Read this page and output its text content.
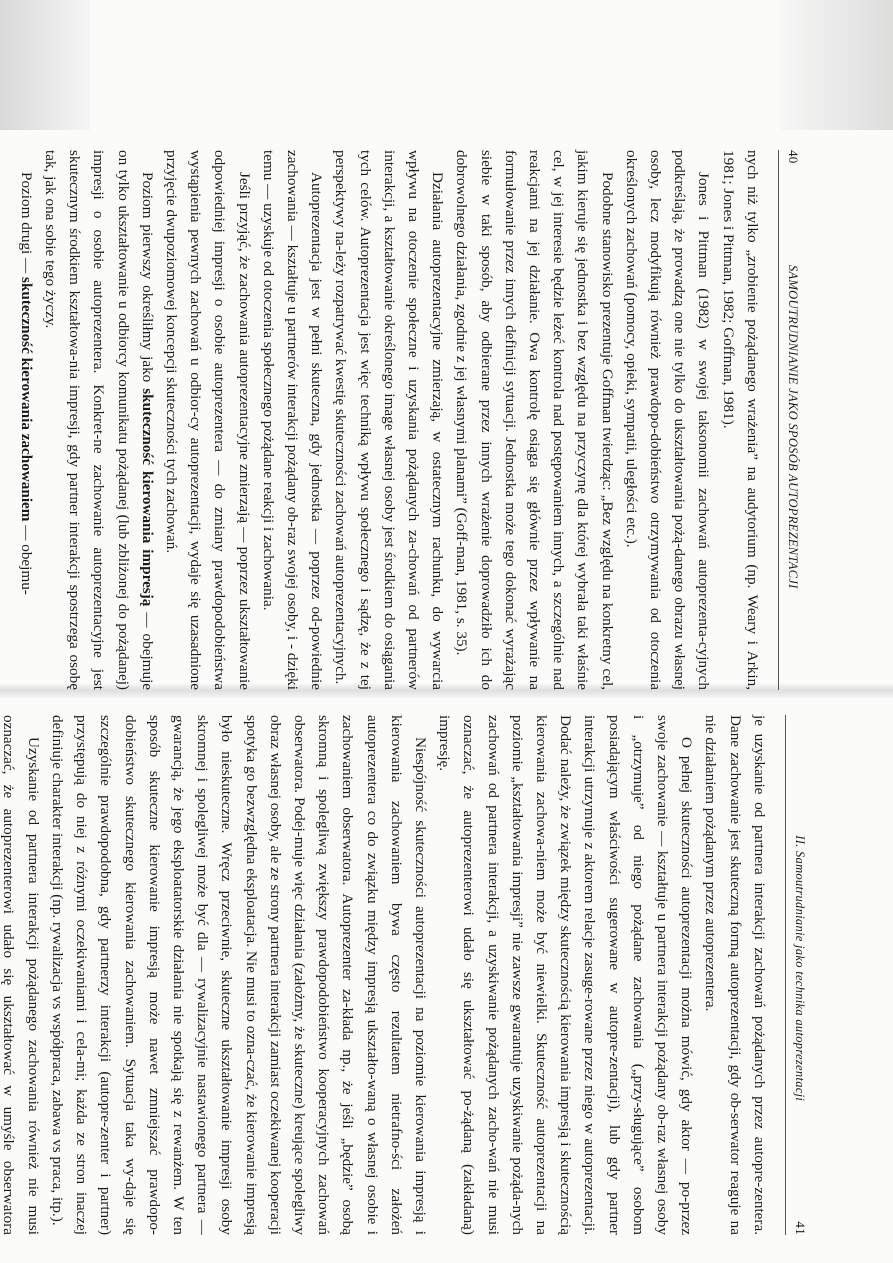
40
SAMOUTRUDNIANIE JAKO SPOSÓB AUTOPREZENTACJI

nych niż tylko „zrobienie pożądanego wrażenia” na audytorium (np. Weary i Arkin, 1981; Jones i Pittman, 1982; Goffman, 1981).

Jones i Pittman (1982) w swojej taksonomii zachowań autoprezenta-cyjnych podkreślają, że prowadzą one nie tylko do ukształtowania pożą-danego obrazu własnej osoby, lecz modyfikują również prawdopo-dobieństwo otrzymywania od otoczenia określonych zachowań (pomocy, opieki, sympatii, uległości etc.).

Podobne stanowisko prezentuje Goffman twierdząc: „Bez względu na konkretny cel, jakim kieruje się jednostka i bez względu na przyczynę dla której wybrała taki właśnie cel, w jej interesie będzie leżeć kontrola nad postępowaniem innych, a szczególnie nad reakcjami na jej działanie. Owa kontrolę osiąga się głównie przez wpływanie na formułowanie przez innych definicji sytuacji. Jednostka może tego dokonać wyrażając siebie w taki sposób, aby odbierane przez innych wrażenie doprowadziło ich do dobrowolnego działania, zgodnie z jej własnymi planami” (Goff-man, 1981, s. 35).

Działania autoprezentacyjne zmierzają, w ostatecznym rachunku, do wywarcia wpływu na otoczenie społeczne i uzyskania pożądanych za-chowań od partnerów interakcji, a kształtowanie określonego image własnej osoby jest środkiem do osiągania tych celów. Autoprezentacja jest więc techniką wpływu społecznego i sądzę, że z tej perspektywy na-leży rozpatrywać kwestię skuteczności zachowań autoprezentacyjnych.

Autoprezentacja jest w pełni skuteczna, gdy jednostka — poprzez od-powiednie zachowania — kształtuje u partnerów interakcji pożądany ob-raz swojej osoby, i - dzięki temu — uzyskuje od otoczenia społecznego pożądane reakcji i zachowania.

Jeśli przyjąć, że zachowania autoprezentacyjne zmierzają — poprzez ukształtowanie odpowiedniej impresji o osobie autoprezentera — do zmiany prawdopodobieństwa wystąpienia pewnych zachowań u odbior-cy autoprezentacji, wydaje się uzasadnione przyjęcie dwupoziomowej koncepcji skuteczności tych zachowań.

Poziom pierwszy określiłmy jako skuteczność kierowania impresją — obejmuje on tylko ukształtowanie u odbiorcy komunikatu pożądanej (lub zbliżonej do pożądanej) impresji o osobie autoprezentera. Konkret-ne zachowanie autoprezentacyjne jest skutecznym środkiem kształtowa-nia impresji, gdy partner interakcji spostrzega osobę tak, jak ona sobie tego życzy.

Poziom drugi — skuteczność kierowania zachowaniem — obejmu-

II. Samoutrudnianie jako technika autoprezentacji
41

je uzyskanie od partnera interakcji zachowań pożądanych przez autopre-zentera. Dane zachowanie jest skuteczną formą autoprezentacji, gdy ob-serwator reaguje na nie działaniem pożądanym przez autoprezentera.

O pełnej skuteczności autoprezentacji można mówić, gdy aktor — po-przez swoje zachowanie — kształtuje u partnera interakcji pożądany ob-raz własnej osoby i „otrzymuje” od niego pożądane zachowania („przy-sługujące” osobom posiadającym właściwości sugerowane w autopre-zentacji), lub gdy partner interakcji utrzymuje z aktorem relacje zasuge-rowane przez niego w autoprezentacji. Dodać należy, że związek między skutecznością kierowania impresją i skutecznością kierowania zachowa-niem może być niewielki. Skuteczność autoprezentacji na poziomie „kształtowania impresji” nie zawsze gwarantuje uzyskiwanie pożąda-nych zachowań od partnera interakcji, a uzyskiwanie pożądanych zacho-wań nie musi oznaczać, że autoprezenterowi udało się ukształtować po-żądaną (zakładaną) impresję.

Niespójność skuteczności autoprezentacji na poziomie kierowania impresją i kierowania zachowaniem bywa często rezultatem nietrafno-ści założeń autoprezentera co do związku między impresją ukształto-waną o własnej osobie i zachowaniem obserwatora. Autoprezenter za-kłada np., że jeśli „będzie” osobą skromną i spolegliwą zwiększy prawdopodobieństwo kooperacyjnych zachowań obserwatora. Podej-muje więc działania (założmy, że skuteczne) kreujące spolegliwy obraz własnej osoby, ale ze strony partnera interakcji zamiast oczekiwanej kooperacji spotyka go bezwzględna eksploatacja. Nie musi to ozna-czać, że kierowanie impresją było nieskuteczne. Wręcz przeciwnie, skuteczne ukształtowanie impresji osoby skromnej i spolegliwej może być dla — rywalizacyjnie nastawionego partnera — gwarancją, że jego eksploatatorskie działania nie spotkają się z rewanżem. W ten sposób skuteczne kierowanie impresją może nawet zmniejszać prawdopo-dobieństwo skutecznego kierowania zachowaniem. Sytuacja taka wy-daje się szczególnie prawdopodobna, gdy partnerzy interakcji (autopre-zenter i partner) przystępują do niej z różnymi oczekiwaniami i cela-mi; każda ze stron inaczej definiuje charakter interakcji (np. rywalizacja vs współpraca, zabawa vs praca, itp.).

Uzyskanie od partnera interakcji pożądanego zachowania również nie musi oznaczać, że autoprezenterowi udało się ukształtować w umyśle obserwatora
